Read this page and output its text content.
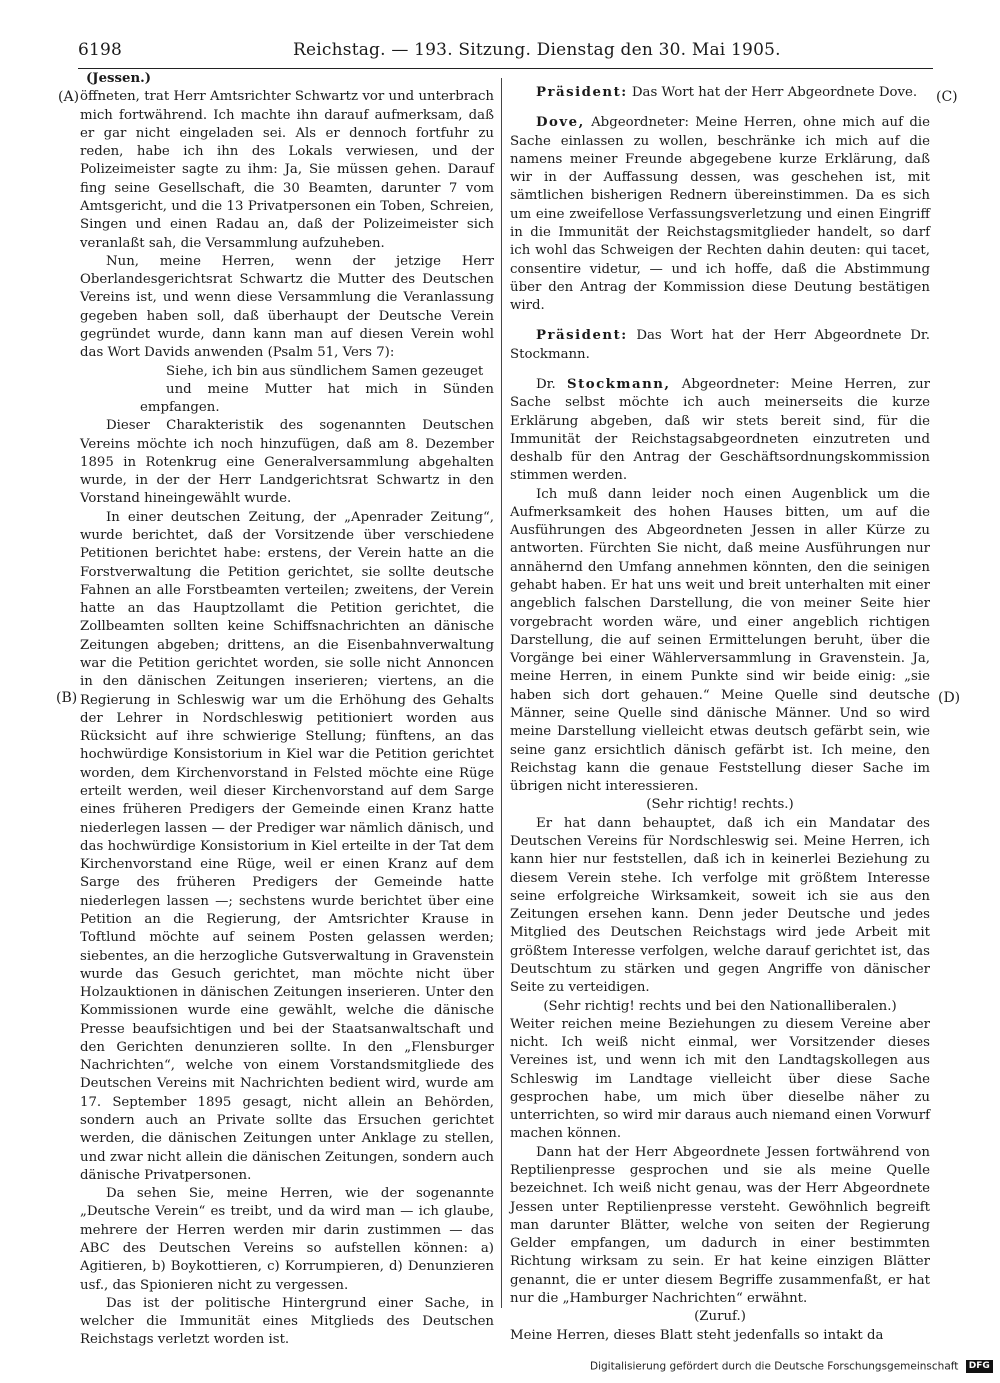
6198	Reichstag. — 193. Sitzung. Dienstag den 30. Mai 1905.
(A)
(B)
(C)
(D)

(Jessen.)

öffneten, trat Herr Amtsrichter Schwartz vor und unterbrach mich fortwährend. Ich machte ihn darauf aufmerksam, daß er gar nicht eingeladen sei. Als er dennoch fortfuhr zu reden, habe ich ihn des Lokals verwiesen, und der Polizeimeister sagte zu ihm: Ja, Sie müssen gehen. Darauf fing seine Gesellschaft, die 30 Beamten, darunter 7 vom Amtsgericht, und die 13 Privatpersonen ein Toben, Schreien, Singen und einen Radau an, daß der Polizeimeister sich veranlaßt sah, die Versammlung aufzuheben.

Nun, meine Herren, wenn der jetzige Herr Oberlandesgerichtsrat Schwartz die Mutter des Deutschen Vereins ist, und wenn diese Versammlung die Veranlassung gegeben haben soll, daß überhaupt der Deutsche Verein gegründet wurde, dann kann man auf diesen Verein wohl das Wort Davids anwenden (Psalm 51, Vers 7):

Siehe, ich bin aus sündlichem Samen gezeuget

und meine Mutter hat mich in Sünden empfangen.

Dieser Charakteristik des sogenannten Deutschen Vereins möchte ich noch hinzufügen, daß am 8. Dezember 1895 in Rotenkrug eine Generalversammlung abgehalten wurde, in der der Herr Landgerichtsrat Schwartz in den Vorstand hineingewählt wurde.

In einer deutschen Zeitung, der „Apenrader Zeitung“, wurde berichtet, daß der Vorsitzende über verschiedene Petitionen berichtet habe: erstens, der Verein hatte an die Forstverwaltung die Petition gerichtet, sie sollte deutsche Fahnen an alle Forstbeamten verteilen; zweitens, der Verein hatte an das Hauptzollamt die Petition gerichtet, die Zollbeamten sollten keine Schiffsnachrichten an dänische Zeitungen abgeben; drittens, an die Eisenbahnverwaltung war die Petition gerichtet worden, sie solle nicht Annoncen in den dänischen Zeitungen inserieren; viertens, an die Regierung in Schleswig war um die Erhöhung des Gehalts der Lehrer in Nordschleswig petitioniert worden aus Rücksicht auf ihre schwierige Stellung; fünftens, an das hochwürdige Konsistorium in Kiel war die Petition gerichtet worden, dem Kirchenvorstand in Felsted möchte eine Rüge erteilt werden, weil dieser Kirchenvorstand auf dem Sarge eines früheren Predigers der Gemeinde einen Kranz hatte niederlegen lassen — der Prediger war nämlich dänisch, und das hochwürdige Konsistorium in Kiel erteilte in der Tat dem Kirchenvorstand eine Rüge, weil er einen Kranz auf dem Sarge des früheren Predigers der Gemeinde hatte niederlegen lassen —; sechstens wurde berichtet über eine Petition an die Regierung, der Amtsrichter Krause in Toftlund möchte auf seinem Posten gelassen werden; siebentes, an die herzogliche Gutsverwaltung in Gravenstein wurde das Gesuch gerichtet, man möchte nicht über Holzauktionen in dänischen Zeitungen inserieren. Unter den Kommissionen wurde eine gewählt, welche die dänische Presse beaufsichtigen und bei der Staatsanwaltschaft und den Gerichten denunzieren sollte. In den „Flensburger Nachrichten“, welche von einem Vorstandsmitgliede des Deutschen Vereins mit Nachrichten bedient wird, wurde am 17. September 1895 gesagt, nicht allein an Behörden, sondern auch an Private sollte das Ersuchen gerichtet werden, die dänischen Zeitungen unter Anklage zu stellen, und zwar nicht allein die dänischen Zeitungen, sondern auch dänische Privatpersonen.

Da sehen Sie, meine Herren, wie der sogenannte „Deutsche Verein“ es treibt, und da wird man — ich glaube, mehrere der Herren werden mir darin zustimmen — das ABC des Deutschen Vereins so aufstellen können: a) Agitieren, b) Boykottieren, c) Korrumpieren, d) Denunzieren usf., das Spionieren nicht zu vergessen.

Das ist der politische Hintergrund einer Sache, in welcher die Immunität eines Mitglieds des Deutschen Reichstags verletzt worden ist.

Präsident: Das Wort hat der Herr Abgeordnete Dove.

Dove, Abgeordneter: Meine Herren, ohne mich auf die Sache einlassen zu wollen, beschränke ich mich auf die namens meiner Freunde abgegebene kurze Erklärung, daß wir in der Auffassung dessen, was geschehen ist, mit sämtlichen bisherigen Rednern übereinstimmen. Da es sich um eine zweifellose Verfassungsverletzung und einen Eingriff in die Immunität der Reichstagsmitglieder handelt, so darf ich wohl das Schweigen der Rechten dahin deuten: qui tacet, consentire videtur, — und ich hoffe, daß die Abstimmung über den Antrag der Kommission diese Deutung bestätigen wird.

Präsident: Das Wort hat der Herr Abgeordnete Dr. Stockmann.

Dr. Stockmann, Abgeordneter: Meine Herren, zur Sache selbst möchte ich auch meinerseits die kurze Erklärung abgeben, daß wir stets bereit sind, für die Immunität der Reichstagsabgeordneten einzutreten und deshalb für den Antrag der Geschäftsordnungskommission stimmen werden.

Ich muß dann leider noch einen Augenblick um die Aufmerksamkeit des hohen Hauses bitten, um auf die Ausführungen des Abgeordneten Jessen in aller Kürze zu antworten. Fürchten Sie nicht, daß meine Ausführungen nur annähernd den Umfang annehmen könnten, den die seinigen gehabt haben. Er hat uns weit und breit unterhalten mit einer angeblich falschen Darstellung, die von meiner Seite hier vorgebracht worden wäre, und einer angeblich richtigen Darstellung, die auf seinen Ermittelungen beruht, über die Vorgänge bei einer Wählerversammlung in Gravenstein. Ja, meine Herren, in einem Punkte sind wir beide einig: „sie haben sich dort gehauen.“ Meine Quelle sind deutsche Männer, seine Quelle sind dänische Männer. Und so wird meine Darstellung vielleicht etwas deutsch gefärbt sein, wie seine ganz ersichtlich dänisch gefärbt ist. Ich meine, den Reichstag kann die genaue Feststellung dieser Sache im übrigen nicht interessieren.

(Sehr richtig! rechts.)

Er hat dann behauptet, daß ich ein Mandatar des Deutschen Vereins für Nordschleswig sei. Meine Herren, ich kann hier nur feststellen, daß ich in keinerlei Beziehung zu diesem Verein stehe. Ich verfolge mit größtem Interesse seine erfolgreiche Wirksamkeit, soweit ich sie aus den Zeitungen ersehen kann. Denn jeder Deutsche und jedes Mitglied des Deutschen Reichstags wird jede Arbeit mit größtem Interesse verfolgen, welche darauf gerichtet ist, das Deutschtum zu stärken und gegen Angriffe von dänischer Seite zu verteidigen.

(Sehr richtig! rechts und bei den Nationalliberalen.)

Weiter reichen meine Beziehungen zu diesem Vereine aber nicht. Ich weiß nicht einmal, wer Vorsitzender dieses Vereines ist, und wenn ich mit den Landtagskollegen aus Schleswig im Landtage vielleicht über diese Sache gesprochen habe, um mich über dieselbe näher zu unterrichten, so wird mir daraus auch niemand einen Vorwurf machen können.

Dann hat der Herr Abgeordnete Jessen fortwährend von Reptilienpresse gesprochen und sie als meine Quelle bezeichnet. Ich weiß nicht genau, was der Herr Abgeordnete Jessen unter Reptilienpresse versteht. Gewöhnlich begreift man darunter Blätter, welche von seiten der Regierung Gelder empfangen, um dadurch in einer bestimmten Richtung wirksam zu sein. Er hat keine einzigen Blätter genannt, die er unter diesem Begriffe zusammenfaßt, er hat nur die „Hamburger Nachrichten“ erwähnt.

(Zuruf.)

Meine Herren, dieses Blatt steht jedenfalls so intakt da

Digitalisierung gefördert durch die Deutsche Forschungsgemeinschaft DFG
